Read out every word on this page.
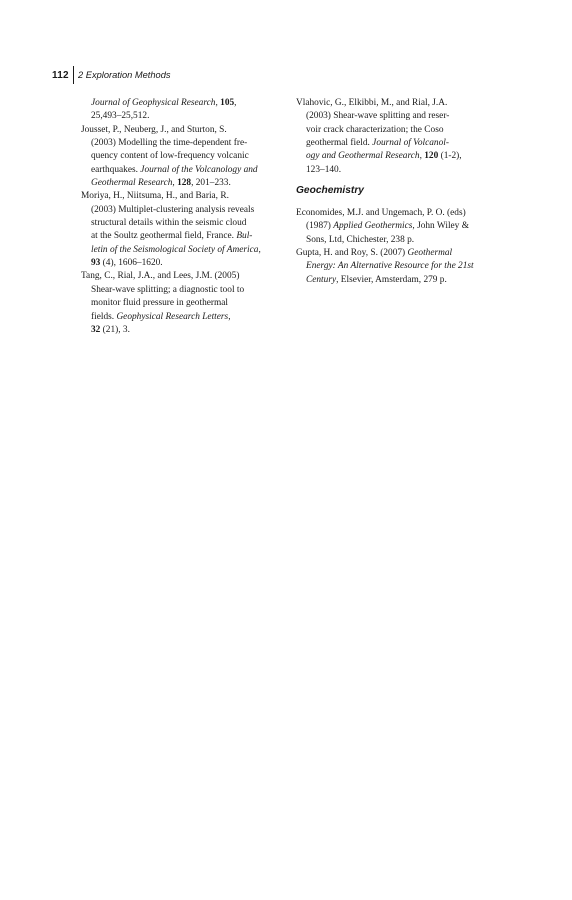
112 2 Exploration Methods
Journal of Geophysical Research, 105,
25,493–25,512.
Jousset, P., Neuberg, J., and Sturton, S.
(2003) Modelling the time-dependent fre-
quency content of low-frequency volcanic
earthquakes. Journal of the Volcanology and
Geothermal Research, 128, 201–233.
Moriya, H., Niitsuma, H., and Baria, R.
(2003) Multiplet-clustering analysis reveals
structural details within the seismic cloud
at the Soultz geothermal field, France. Bul-
letin of the Seismological Society of America,
93 (4), 1606–1620.
Tang, C., Rial, J.A., and Lees, J.M. (2005)
Shear-wave splitting; a diagnostic tool to
monitor fluid pressure in geothermal
fields. Geophysical Research Letters,
32 (21), 3.
Vlahovic, G., Elkibbi, M., and Rial, J.A.
(2003) Shear-wave splitting and reser-
voir crack characterization; the Coso
geothermal field. Journal of Volcanol-
ogy and Geothermal Research, 120 (1-2),
123–140.
Geochemistry
Economides, M.J. and Ungemach, P. O. (eds)
(1987) Applied Geothermics, John Wiley &
Sons, Ltd, Chichester, 238 p.
Gupta, H. and Roy, S. (2007) Geothermal
Energy: An Alternative Resource for the 21st
Century, Elsevier, Amsterdam, 279 p.
